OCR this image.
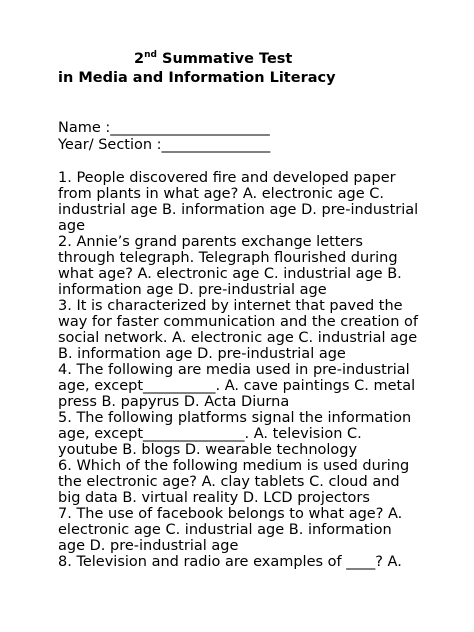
2nd Summative Test
in Media and Information Literacy
Name :______________________
Year/ Section :_______________

1. People discovered fire and developed paper from plants in what age? A. electronic age C. industrial age B. information age D. pre-industrial age

2. Annie’s grand parents exchange letters through telegraph. Telegraph flourished during what age? A. electronic age C. industrial age B. information age D. pre-industrial age

3. It is characterized by internet that paved the way for faster communication and the creation of social network. A. electronic age C. industrial age B. information age D. pre-industrial age

4. The following are media used in pre-industrial age, except__________. A. cave paintings C. metal press B. papyrus D. Acta Diurna

5. The following platforms signal the information age, except______________. A. television C. youtube B. blogs D. wearable technology

6. Which of the following medium is used during the electronic age? A. clay tablets C. cloud and big data B. virtual reality D. LCD projectors

7. The use of facebook belongs to what age? A. electronic age C. industrial age B. information age D. pre-industrial age

8. Television and radio are examples of ____? A.
